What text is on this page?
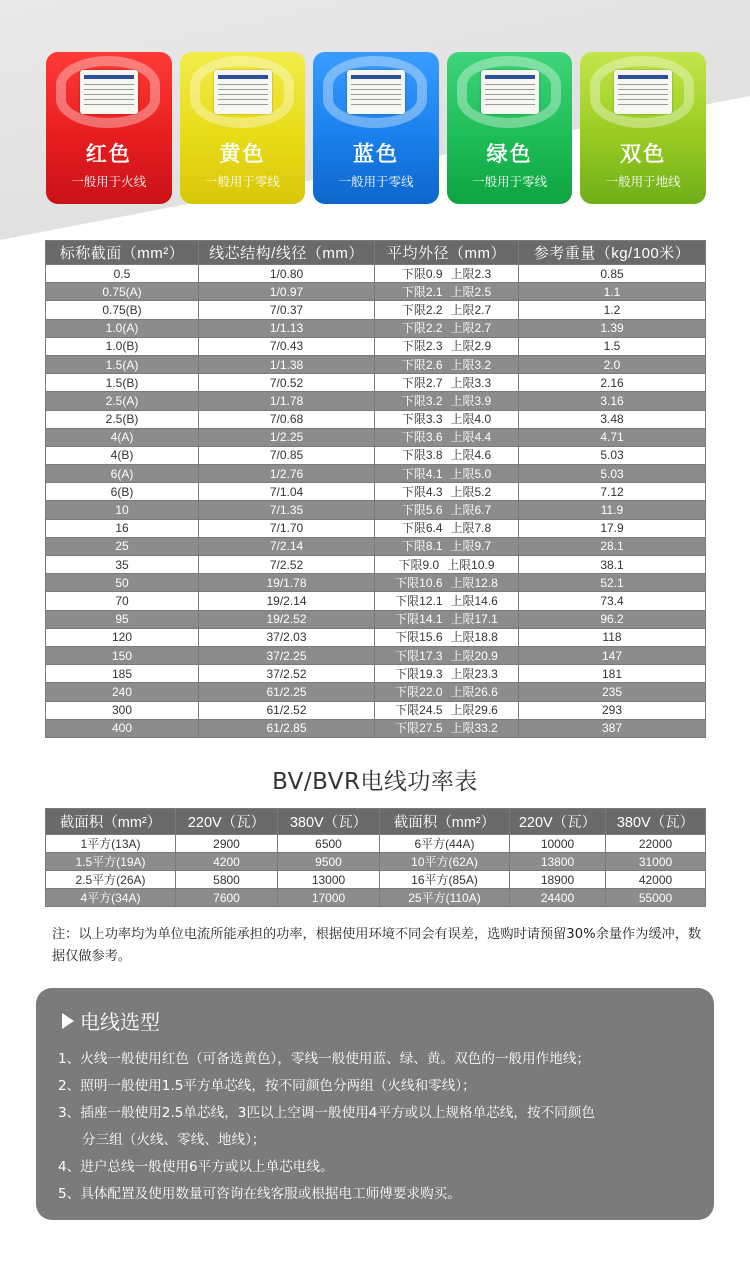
红色
一般用于火线
黄色
一般用于零线
蓝色
一般用于零线
绿色
一般用于零线
双色
一般用于地线
标称截面（mm²）	线芯结构/线径（mm）	平均外径（mm）	参考重量（kg/100米）
0.5	1/0.80	下限0.9 上限2.3	0.85
0.75(A)	1/0.97	下限2.1 上限2.5	1.1
0.75(B)	7/0.37	下限2.2 上限2.7	1.2
1.0(A)	1/1.13	下限2.2 上限2.7	1.39
1.0(B)	7/0.43	下限2.3 上限2.9	1.5
1.5(A)	1/1.38	下限2.6 上限3.2	2.0
1.5(B)	7/0.52	下限2.7 上限3.3	2.16
2.5(A)	1/1.78	下限3.2 上限3.9	3.16
2.5(B)	7/0.68	下限3.3 上限4.0	3.48
4(A)	1/2.25	下限3.6 上限4.4	4.71
4(B)	7/0.85	下限3.8 上限4.6	5.03
6(A)	1/2.76	下限4.1 上限5.0	5.03
6(B)	7/1.04	下限4.3 上限5.2	7.12
10	7/1.35	下限5.6 上限6.7	11.9
16	7/1.70	下限6.4 上限7.8	17.9
25	7/2.14	下限8.1 上限9.7	28.1
35	7/2.52	下限9.0 上限10.9	38.1
50	19/1.78	下限10.6 上限12.8	52.1
70	19/2.14	下限12.1 上限14.6	73.4
95	19/2.52	下限14.1 上限17.1	96.2
120	37/2.03	下限15.6 上限18.8	118
150	37/2.25	下限17.3 上限20.9	147
185	37/2.52	下限19.3 上限23.3	181
240	61/2.25	下限22.0 上限26.6	235
300	61/2.52	下限24.5 上限29.6	293
400	61/2.85	下限27.5 上限33.2	387
BV/BVR电线功率表
截面积（mm²）	220V（瓦）	380V（瓦）	截面积（mm²）	220V（瓦）	380V（瓦）
1平方(13A)	2900	6500	6平方(44A)	10000	22000
1.5平方(19A)	4200	9500	10平方(62A)	13800	31000
2.5平方(26A)	5800	13000	16平方(85A)	18900	42000
4平方(34A)	7600	17000	25平方(110A)	24400	55000
注：以上功率均为单位电流所能承担的功率，根据使用环境不同会有误差，选购时请预留30%余量作为缓冲，数据仅做参考。
电线选型
1、火线一般使用红色（可备选黄色），零线一般使用蓝、绿、黄。双色的一般用作地线；
2、照明一般使用1.5平方单芯线，按不同颜色分两组（火线和零线）；
3、插座一般使用2.5单芯线，3匹以上空调一般使用4平方或以上规格单芯线，按不同颜色
分三组（火线、零线、地线）；
4、进户总线一般使用6平方或以上单芯电线。
5、具体配置及使用数量可咨询在线客服或根据电工师傅要求购买。
